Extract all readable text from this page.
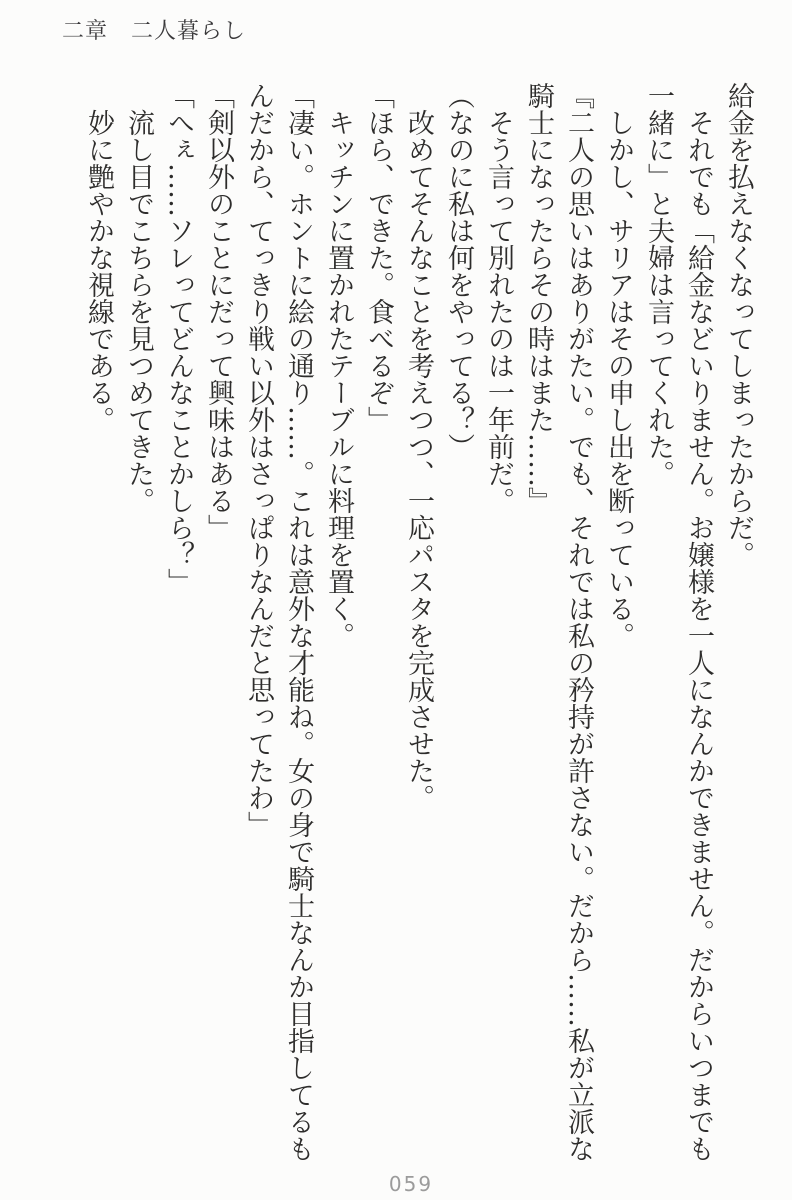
二章　二人暮らし

給金を払えなくなってしまったからだ。

それでも「給金などいりません。お嬢様を一人になんかできません。だからいつまでも一緒に」と夫婦は言ってくれた。

しかし、サリアはその申し出を断っている。

『二人の思いはありがたい。でも、それでは私の矜持が許さない。だから……私が立派な騎士になったらその時はまた……』

そう言って別れたのは一年前だ。

（なのに私は何をやってる？）

改めてそんなことを考えつつ、一応パスタを完成させた。

「ほら、できた。食べるぞ」

キッチンに置かれたテーブルに料理を置く。

「凄い。ホントに絵の通り……。これは意外な才能ね。女の身で騎士なんか目指してるもんだから、てっきり戦い以外はさっぱりなんだと思ってたわ」

「剣以外のことにだって興味はある」

「へぇ……ソレってどんなことかしら？」

流し目でこちらを見つめてきた。

妙に艶やかな視線である。

059
